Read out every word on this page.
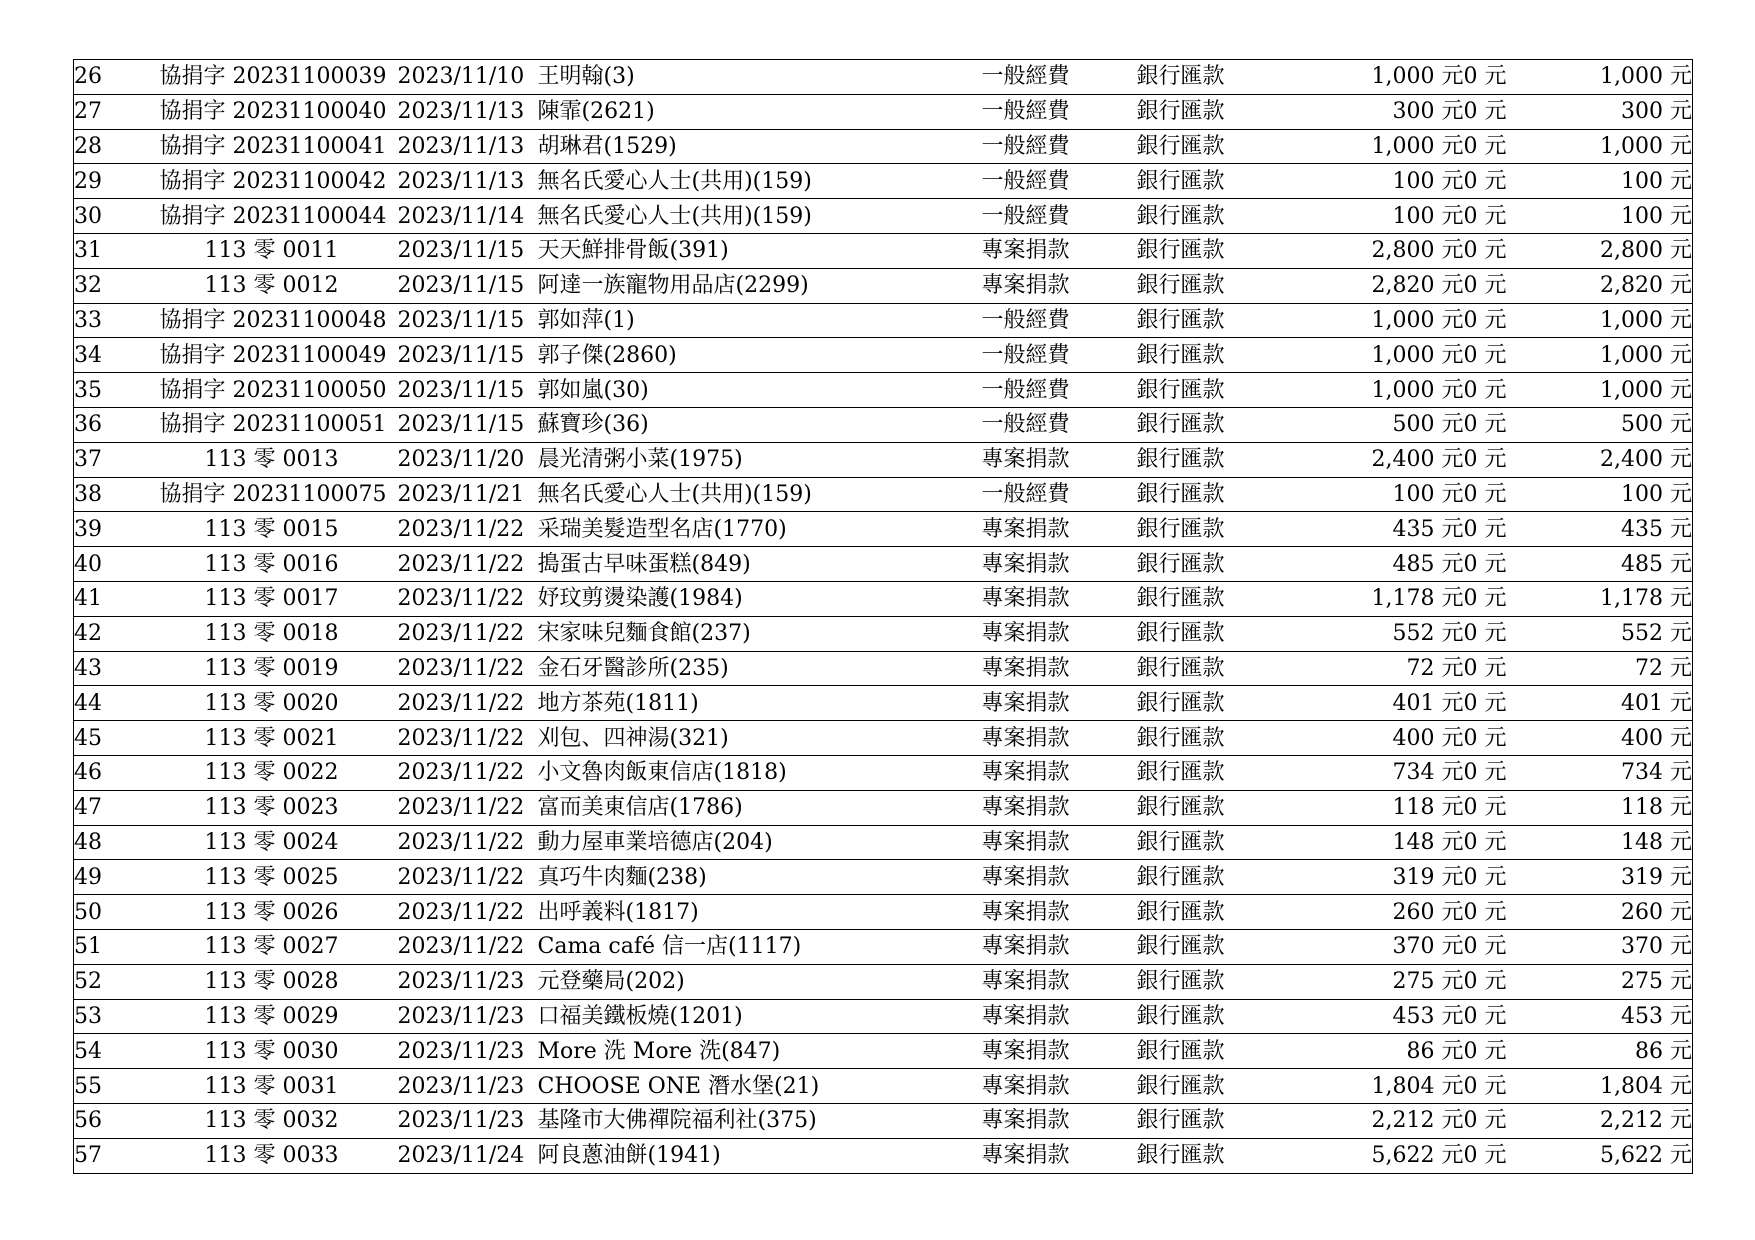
26	協捐字 20231100039	2023/11/10	王明翰(3)	一般經費	銀行匯款	1,000 元	0 元	1,000 元
27	協捐字 20231100040	2023/11/13	陳霏(2621)	一般經費	銀行匯款	300 元	0 元	300 元
28	協捐字 20231100041	2023/11/13	胡琳君(1529)	一般經費	銀行匯款	1,000 元	0 元	1,000 元
29	協捐字 20231100042	2023/11/13	無名氏愛心人士(共用)(159)	一般經費	銀行匯款	100 元	0 元	100 元
30	協捐字 20231100044	2023/11/14	無名氏愛心人士(共用)(159)	一般經費	銀行匯款	100 元	0 元	100 元
31	113 零 0011	2023/11/15	天天鮮排骨飯(391)	專案捐款	銀行匯款	2,800 元	0 元	2,800 元
32	113 零 0012	2023/11/15	阿達一族寵物用品店(2299)	專案捐款	銀行匯款	2,820 元	0 元	2,820 元
33	協捐字 20231100048	2023/11/15	郭如萍(1)	一般經費	銀行匯款	1,000 元	0 元	1,000 元
34	協捐字 20231100049	2023/11/15	郭子傑(2860)	一般經費	銀行匯款	1,000 元	0 元	1,000 元
35	協捐字 20231100050	2023/11/15	郭如嵐(30)	一般經費	銀行匯款	1,000 元	0 元	1,000 元
36	協捐字 20231100051	2023/11/15	蘇寶珍(36)	一般經費	銀行匯款	500 元	0 元	500 元
37	113 零 0013	2023/11/20	晨光清粥小菜(1975)	專案捐款	銀行匯款	2,400 元	0 元	2,400 元
38	協捐字 20231100075	2023/11/21	無名氏愛心人士(共用)(159)	一般經費	銀行匯款	100 元	0 元	100 元
39	113 零 0015	2023/11/22	采瑞美髮造型名店(1770)	專案捐款	銀行匯款	435 元	0 元	435 元
40	113 零 0016	2023/11/22	搗蛋古早味蛋糕(849)	專案捐款	銀行匯款	485 元	0 元	485 元
41	113 零 0017	2023/11/22	妤玟剪燙染護(1984)	專案捐款	銀行匯款	1,178 元	0 元	1,178 元
42	113 零 0018	2023/11/22	宋家味兒麵食館(237)	專案捐款	銀行匯款	552 元	0 元	552 元
43	113 零 0019	2023/11/22	金石牙醫診所(235)	專案捐款	銀行匯款	72 元	0 元	72 元
44	113 零 0020	2023/11/22	地方茶苑(1811)	專案捐款	銀行匯款	401 元	0 元	401 元
45	113 零 0021	2023/11/22	刈包、四神湯(321)	專案捐款	銀行匯款	400 元	0 元	400 元
46	113 零 0022	2023/11/22	小文魯肉飯東信店(1818)	專案捐款	銀行匯款	734 元	0 元	734 元
47	113 零 0023	2023/11/22	富而美東信店(1786)	專案捐款	銀行匯款	118 元	0 元	118 元
48	113 零 0024	2023/11/22	動力屋車業培德店(204)	專案捐款	銀行匯款	148 元	0 元	148 元
49	113 零 0025	2023/11/22	真巧牛肉麵(238)	專案捐款	銀行匯款	319 元	0 元	319 元
50	113 零 0026	2023/11/22	出呼義料(1817)	專案捐款	銀行匯款	260 元	0 元	260 元
51	113 零 0027	2023/11/22	Cama café 信一店(1117)	專案捐款	銀行匯款	370 元	0 元	370 元
52	113 零 0028	2023/11/23	元登藥局(202)	專案捐款	銀行匯款	275 元	0 元	275 元
53	113 零 0029	2023/11/23	口福美鐵板燒(1201)	專案捐款	銀行匯款	453 元	0 元	453 元
54	113 零 0030	2023/11/23	More 洗 More 洗(847)	專案捐款	銀行匯款	86 元	0 元	86 元
55	113 零 0031	2023/11/23	CHOOSE ONE 潛水堡(21)	專案捐款	銀行匯款	1,804 元	0 元	1,804 元
56	113 零 0032	2023/11/23	基隆市大佛禪院福利社(375)	專案捐款	銀行匯款	2,212 元	0 元	2,212 元
57	113 零 0033	2023/11/24	阿良蔥油餅(1941)	專案捐款	銀行匯款	5,622 元	0 元	5,622 元
